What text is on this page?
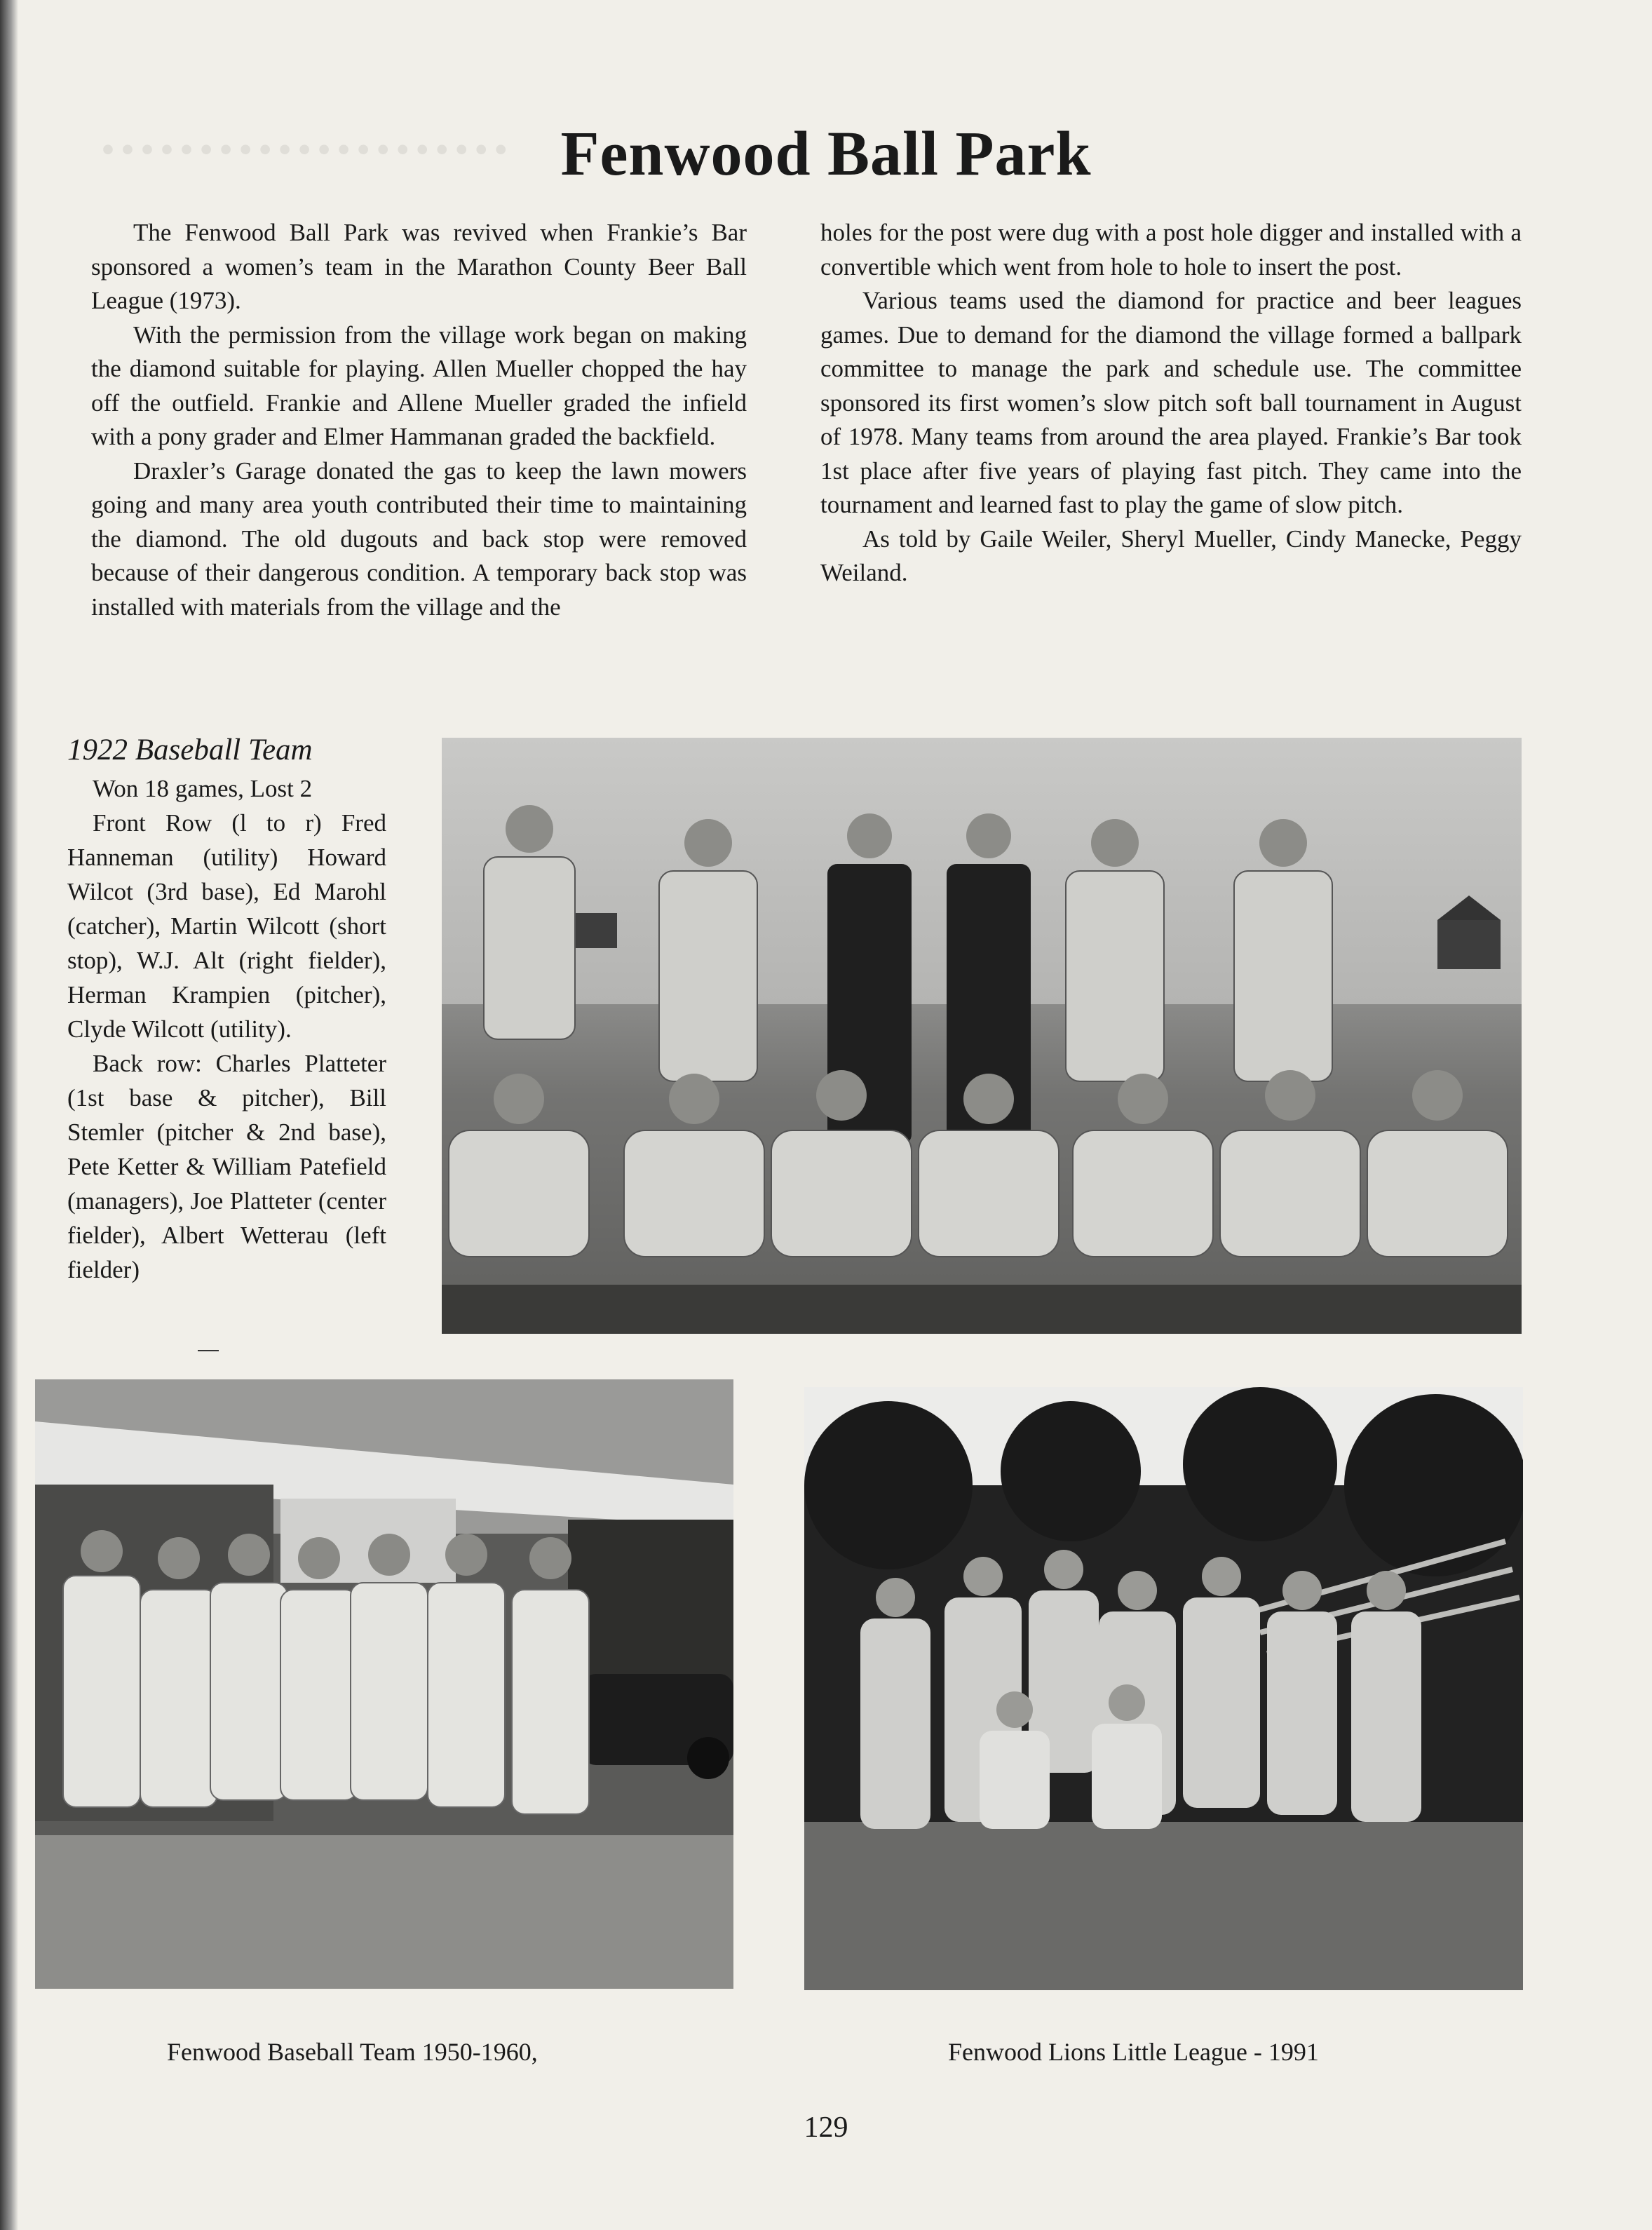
····················· Fenwood Ball Park

The Fenwood Ball Park was revived when Frankie’s Bar sponsored a women’s team in the Marathon County Beer Ball League (1973).

With the permission from the village work began on making the diamond suitable for playing. Allen Mueller chopped the hay off the outfield. Frankie and Allene Mueller graded the infield with a pony grader and Elmer Hammanan graded the backfield.

Draxler’s Garage donated the gas to keep the lawn mowers going and many area youth contributed their time to maintaining the diamond. The old dugouts and back stop were removed because of their dangerous condition. A temporary back stop was installed with materials from the village and the

holes for the post were dug with a post hole digger and installed with a convertible which went from hole to hole to insert the post.

Various teams used the diamond for practice and beer leagues games. Due to demand for the diamond the village formed a ballpark committee to manage the park and schedule use. The committee sponsored its first women’s slow pitch soft ball tournament in August of 1978. Many teams from around the area played. Frankie’s Bar took 1st place after five years of playing fast pitch. They came into the tournament and learned fast to play the game of slow pitch.

As told by Gaile Weiler, Sheryl Mueller, Cindy Manecke, Peggy Weiland.

1922 Baseball Team

Won 18 games, Lost 2

Front Row (l to r) Fred Hanneman (utility) Howard Wilcot (3rd base), Ed Marohl (catcher), Martin Wilcott (short stop), W.J. Alt (right fielder), Herman Krampien (pitcher), Clyde Wilcott (utility).

Back row: Charles Platteter (1st base & pitcher), Bill Stemler (pitcher & 2nd base), Pete Ketter & William Patefield (managers), Joe Platteter (center fielder), Albert Wetterau (left fielder)

Fenwood Baseball Team 1950-1960,	Fenwood Lions Little League - 1991
129
